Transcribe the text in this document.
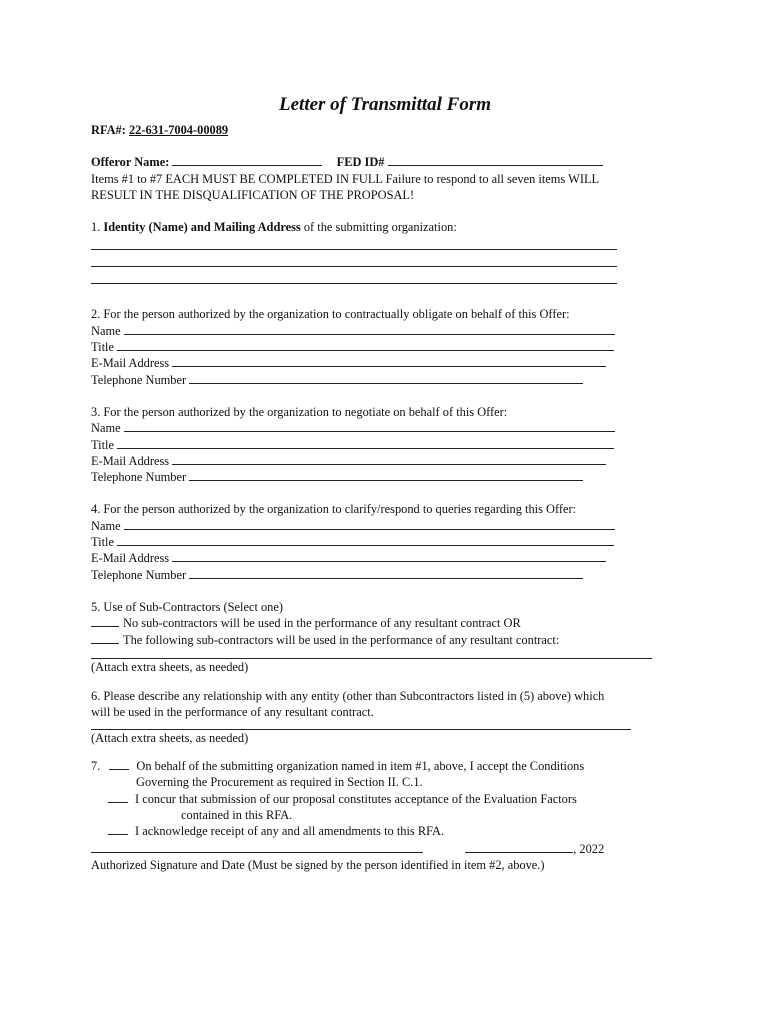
Letter of Transmittal Form
RFA#: 22-631-7004-00089
Offeror Name:	FED ID#
Items #1 to #7 EACH MUST BE COMPLETED IN FULL Failure to respond to all seven items WILL
RESULT IN THE DISQUALIFICATION OF THE PROPOSAL!
1. Identity (Name) and Mailing Address of the submitting organization:
2. For the person authorized by the organization to contractually obligate on behalf of this Offer:
Name
Title
E-Mail Address
Telephone Number
3. For the person authorized by the organization to negotiate on behalf of this Offer:
Name
Title
E-Mail Address
Telephone Number
4. For the person authorized by the organization to clarify/respond to queries regarding this Offer:
Name
Title
E-Mail Address
Telephone Number
5. Use of Sub-Contractors (Select one)
No sub-contractors will be used in the performance of any resultant contract OR
The following sub-contractors will be used in the performance of any resultant contract:
(Attach extra sheets, as needed)
6. Please describe any relationship with any entity (other than Subcontractors listed in (5) above) which
will be used in the performance of any resultant contract.
(Attach extra sheets, as needed)
7.	On behalf of the submitting organization named in item #1, above, I accept the Conditions
Governing the Procurement as required in Section II. C.1.
I concur that submission of our proposal constitutes acceptance of the Evaluation Factors
contained in this RFA.
I acknowledge receipt of any and all amendments to this RFA.
, 2022
Authorized Signature and Date (Must be signed by the person identified in item #2, above.)
